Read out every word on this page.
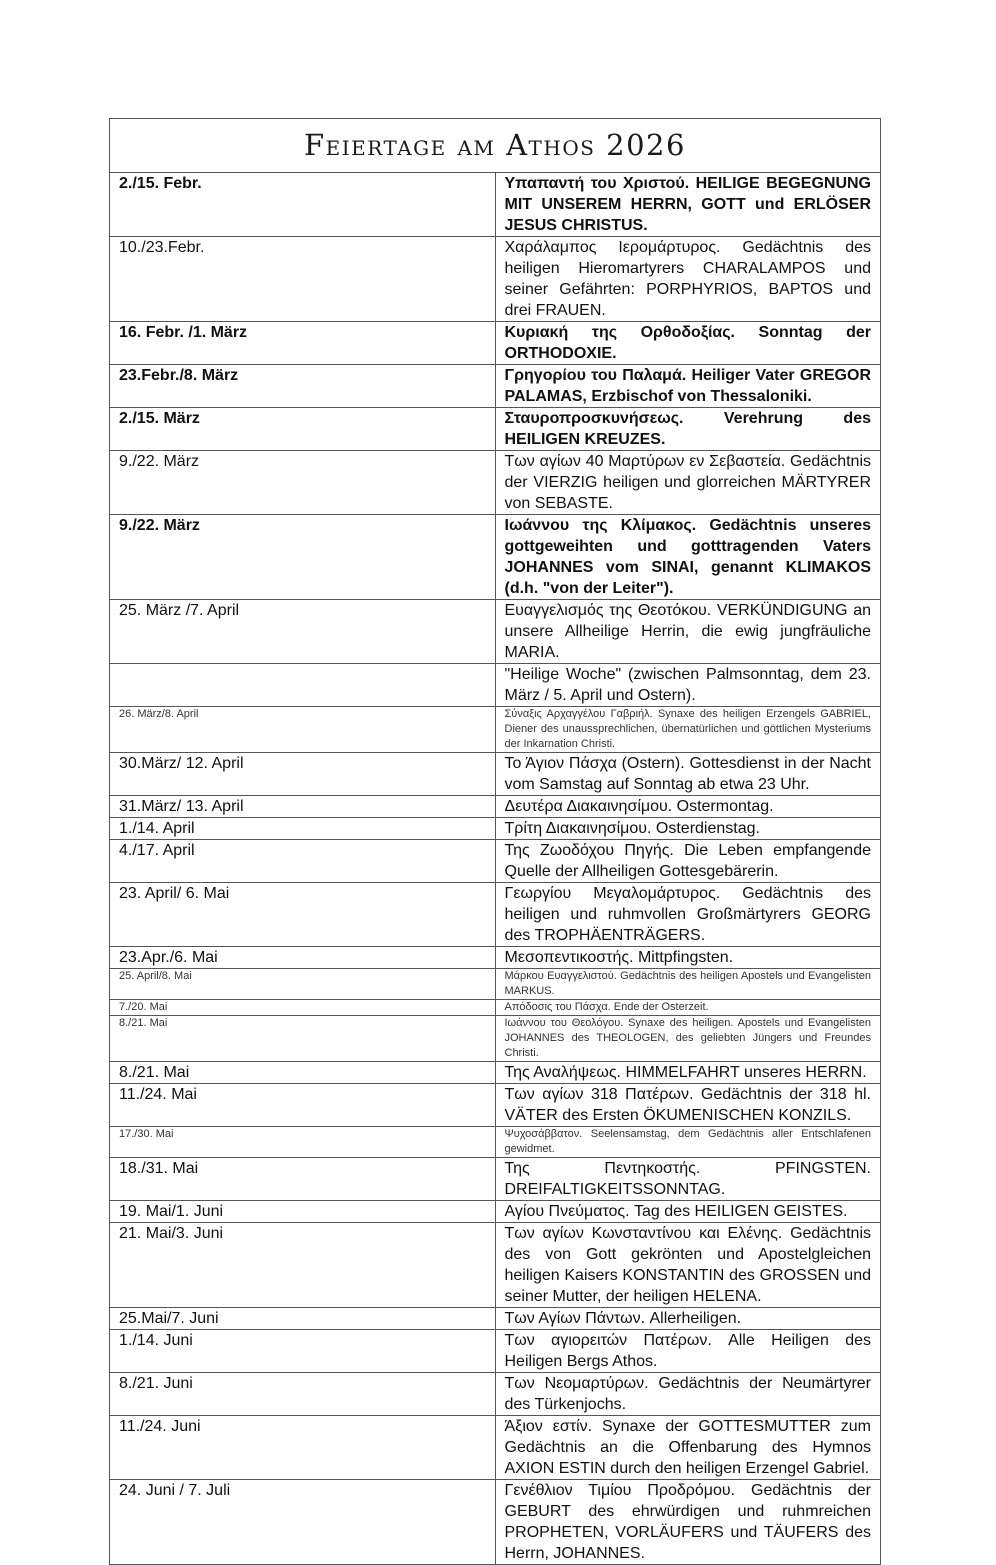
Feiertage am Athos 2026	
2./15. Febr.	Υπαπαντή του Χριστού. HEILIGE BEGEGNUNG MIT UNSEREM HERRN, GOTT und ERLÖSER JESUS CHRISTUS.
10./23.Febr.	Χαράλαμπος Ιερομάρτυρος. Gedächtnis des heiligen Hieromartyrers CHARALAMPOS und seiner Gefährten: PORPHYRIOS, BAPTOS und drei FRAUEN.
16. Febr. /1. März	Κυριακή της Ορθοδοξίας. Sonntag der ORTHODOXIE.
23.Febr./8. März	Γρηγορίου του Παλαμά. Heiliger Vater GREGOR PALAMAS, Erzbischof von Thessaloniki.
2./15. März	Σταυροπροσκυνήσεως. Verehrung des HEILIGEN KREUZES.
9./22. März	Των αγίων 40 Μαρτύρων εν Σεβαστεία. Gedächtnis der VIERZIG heiligen und glorreichen MÄRTYRER von SEBASTE.
9./22. März	Ιωάννου της Κλίμακος. Gedächtnis unseres gottgeweihten und gotttragenden Vaters JOHANNES vom SINAI, genannt KLIMAKOS (d.h. "von der Leiter").
25. März /7. April	Ευαγγελισμός της Θεοτόκου. VERKÜNDIGUNG an unsere Allheilige Herrin, die ewig jungfräuliche MARIA.
	"Heilige Woche" (zwischen Palmsonntag, dem 23. März / 5. April und Ostern).
26. März/8. April	Σύναξις Αρχαγγέλου Γαβριήλ. Synaxe des heiligen Erzengels GABRIEL, Diener des unaussprechlichen, übernatürlichen und göttlichen Mysteriums der Inkarnation Christi.
30.März/ 12. April	Το Άγιον Πάσχα (Ostern). Gottesdienst in der Nacht vom Samstag auf Sonntag ab etwa 23 Uhr.
31.März/ 13. April	Δευτέρα Διακαινησίμου. Ostermontag.
1./14. April	Τρίτη Διακαινησίμου. Osterdienstag.
4./17. April	Της Ζωοδόχου Πηγής. Die Leben empfangende Quelle der Allheiligen Gottesgebärerin.
23. April/ 6. Mai	Γεωργίου Μεγαλομάρτυρος. Gedächtnis des heiligen und ruhmvollen Großmärtyrers GEORG des TROPHÄENTRÄGERS.
23.Apr./6. Mai	Μεσοπεντικοστής. Mittpfingsten.
25. April/8. Mai	Μάρκου Ευαγγελιστού. Gedächtnis des heiligen Apostels und Evangelisten MARKUS.
7./20. Mai	Απόδοσις του Πάσχα. Ende der Osterzeit.
8./21. Mai	Ιωάννου του Θεολόγου. Synaxe des heiligen. Apostels und Evangelisten JOHANNES des THEOLOGEN, des geliebten Jüngers und Freundes Christi.
8./21. Mai	Της Αναλήψεως. HIMMELFAHRT unseres HERRN.
11./24. Mai	Των αγίων 318 Πατέρων. Gedächtnis der 318 hl. VÄTER des Ersten ÖKUMENISCHEN KONZILS.
17./30. Mai	Ψυχοσάββατον. Seelensamstag, dem Gedächtnis aller Entschlafenen gewidmet.
18./31. Mai	Της Πεντηκοστής. PFINGSTEN. DREIFALTIGKEITSSONNTAG.
19. Mai/1. Juni	Αγίου Πνεύματος. Tag des HEILIGEN GEISTES.
21. Mai/3. Juni	Των αγίων Κωνσταντίνου και Ελένης. Gedächtnis des von Gott gekrönten und Apostelgleichen heiligen Kaisers KONSTANTIN des GROSSEN und seiner Mutter, der heiligen HELENA.
25.Mai/7. Juni	Των Αγίων Πάντων. Allerheiligen.
1./14. Juni	Των αγιορειτών Πατέρων. Alle Heiligen des Heiligen Bergs Athos.
8./21. Juni	Των Νεομαρτύρων. Gedächtnis der Neumärtyrer des Türkenjochs.
11./24. Juni	Άξιον εστίν. Synaxe der GOTTESMUTTER zum Gedächtnis an die Offenbarung des Hymnos AXION ESTIN durch den heiligen Erzengel Gabriel.
24. Juni / 7. Juli	Γενέθλιον Τιμίου Προδρόμου. Gedächtnis der GEBURT des ehrwürdigen und ruhmreichen PROPHETEN, VORLÄUFERS und TÄUFERS des Herrn, JOHANNES.
